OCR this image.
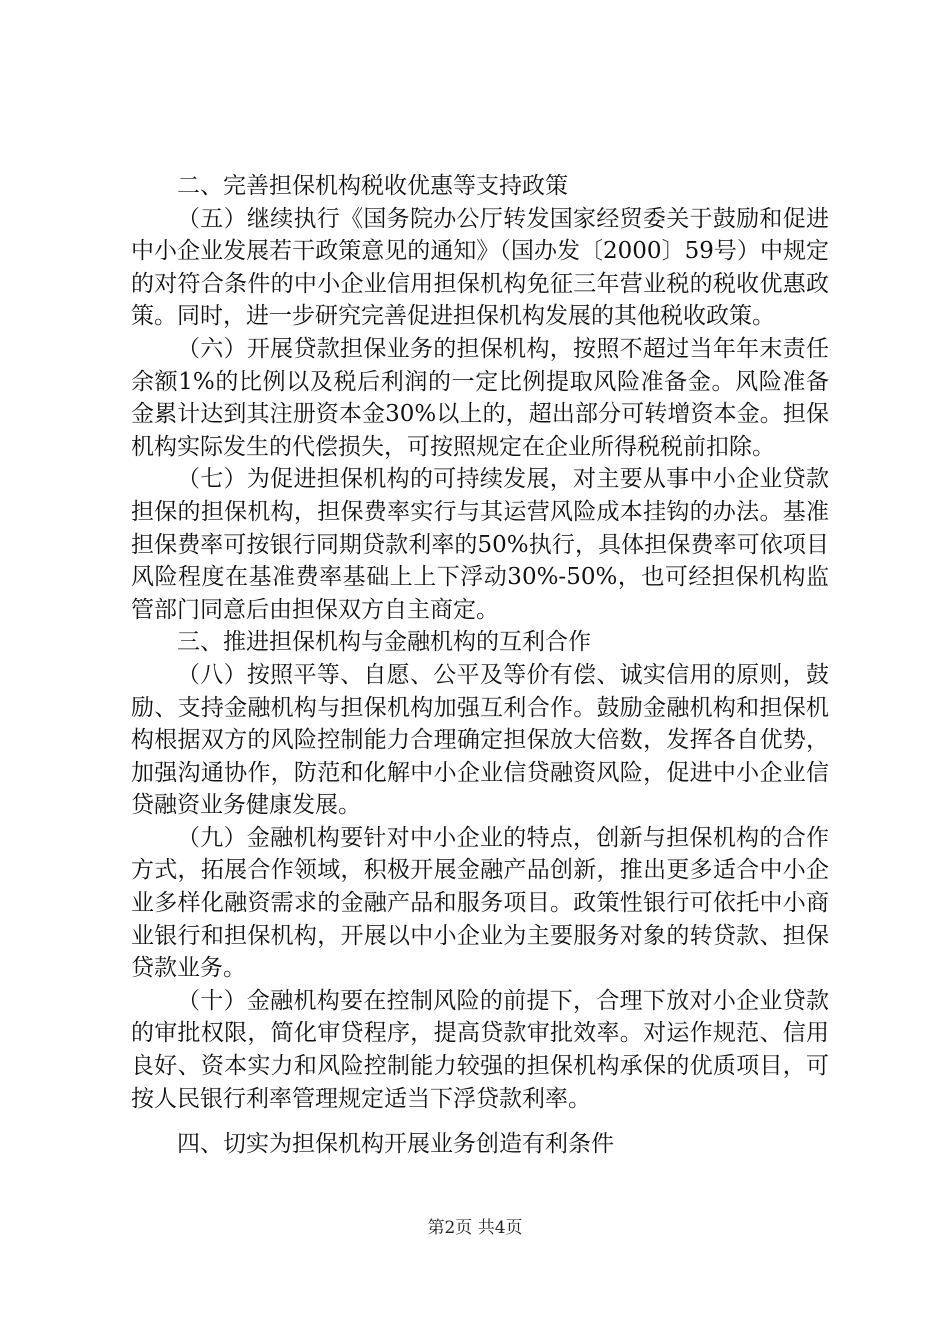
二、完善担保机构税收优惠等支持政策

（五）继续执行《国务院办公厅转发国家经贸委关于鼓励和促进中小企业发展若干政策意见的通知》（国办发〔2000〕59号）中规定的对符合条件的中小企业信用担保机构免征三年营业税的税收优惠政策。同时，进一步研究完善促进担保机构发展的其他税收政策。

（六）开展贷款担保业务的担保机构，按照不超过当年年末责任余额1%的比例以及税后利润的一定比例提取风险准备金。风险准备金累计达到其注册资本金30%以上的，超出部分可转增资本金。担保机构实际发生的代偿损失，可按照规定在企业所得税税前扣除。

（七）为促进担保机构的可持续发展，对主要从事中小企业贷款担保的担保机构，担保费率实行与其运营风险成本挂钩的办法。基准担保费率可按银行同期贷款利率的50%执行，具体担保费率可依项目风险程度在基准费率基础上上下浮动30%-50%，也可经担保机构监管部门同意后由担保双方自主商定。

三、推进担保机构与金融机构的互利合作

（八）按照平等、自愿、公平及等价有偿、诚实信用的原则，鼓励、支持金融机构与担保机构加强互利合作。鼓励金融机构和担保机构根据双方的风险控制能力合理确定担保放大倍数，发挥各自优势，加强沟通协作，防范和化解中小企业信贷融资风险，促进中小企业信贷融资业务健康发展。

（九）金融机构要针对中小企业的特点，创新与担保机构的合作方式，拓展合作领域，积极开展金融产品创新，推出更多适合中小企业多样化融资需求的金融产品和服务项目。政策性银行可依托中小商业银行和担保机构，开展以中小企业为主要服务对象的转贷款、担保贷款业务。

（十）金融机构要在控制风险的前提下，合理下放对小企业贷款的审批权限，简化审贷程序，提高贷款审批效率。对运作规范、信用良好、资本实力和风险控制能力较强的担保机构承保的优质项目，可按人民银行利率管理规定适当下浮贷款利率。

四、切实为担保机构开展业务创造有利条件

第2页 共4页
